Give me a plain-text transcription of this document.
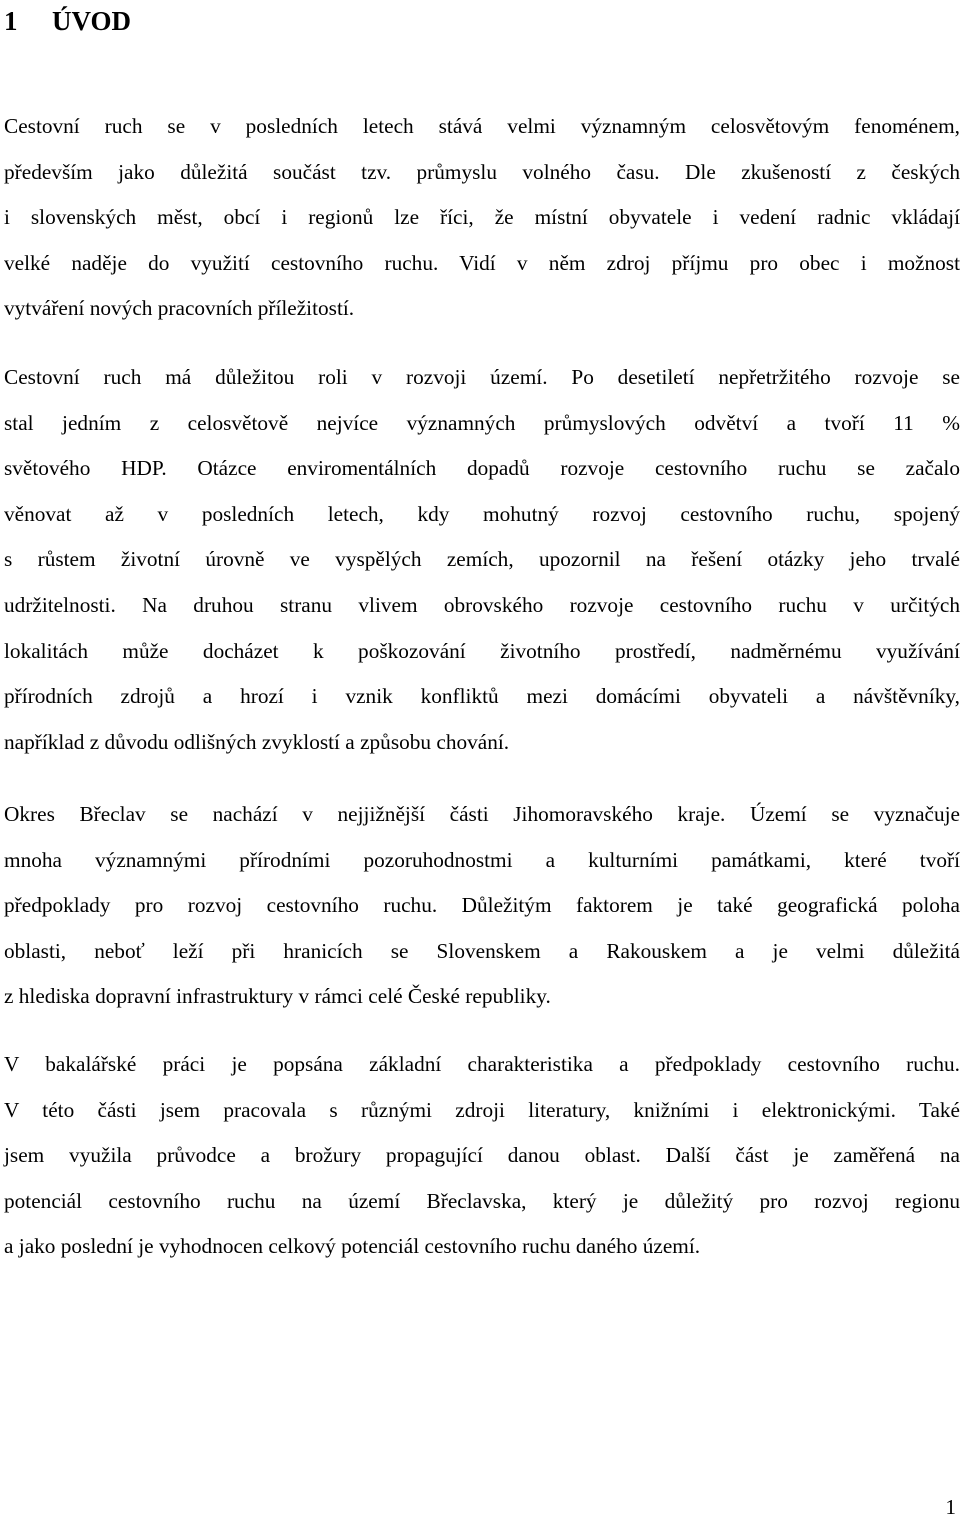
1 ÚVOD
Cestovní ruch se v posledních letech stává velmi významným celosvětovým fenoménem,
především jako důležitá součást tzv. průmyslu volného času. Dle zkušeností z českých
i slovenských měst, obcí i regionů lze říci, že místní obyvatele i vedení radnic vkládají
velké naděje do využití cestovního ruchu. Vidí v něm zdroj příjmu pro obec i možnost
vytváření nových pracovních příležitostí.
Cestovní ruch má důležitou roli v rozvoji území. Po desetiletí nepřetržitého rozvoje se
stal jedním z celosvětově nejvíce významných průmyslových odvětví a tvoří 11 %
světového HDP. Otázce enviromentálních dopadů rozvoje cestovního ruchu se začalo
věnovat až v posledních letech, kdy mohutný rozvoj cestovního ruchu, spojený
s růstem životní úrovně ve vyspělých zemích, upozornil na řešení otázky jeho trvalé
udržitelnosti. Na druhou stranu vlivem obrovského rozvoje cestovního ruchu v určitých
lokalitách může docházet k poškozování životního prostředí, nadměrnému využívání
přírodních zdrojů a hrozí i vznik konfliktů mezi domácími obyvateli a návštěvníky,
například z důvodu odlišných zvyklostí a způsobu chování.
Okres Břeclav se nachází v nejjižnější části Jihomoravského kraje. Území se vyznačuje
mnoha významnými přírodními pozoruhodnostmi a kulturními památkami, které tvoří
předpoklady pro rozvoj cestovního ruchu. Důležitým faktorem je také geografická poloha
oblasti, neboť leží při hranicích se Slovenskem a Rakouskem a je velmi důležitá
z hlediska dopravní infrastruktury v rámci celé České republiky.
V bakalářské práci je popsána základní charakteristika a předpoklady cestovního ruchu.
V této části jsem pracovala s různými zdroji literatury, knižními i elektronickými. Také
jsem využila průvodce a brožury propagující danou oblast. Další část je zaměřená na
potenciál cestovního ruchu na území Břeclavska, který je důležitý pro rozvoj regionu
a jako poslední je vyhodnocen celkový potenciál cestovního ruchu daného území.
1
